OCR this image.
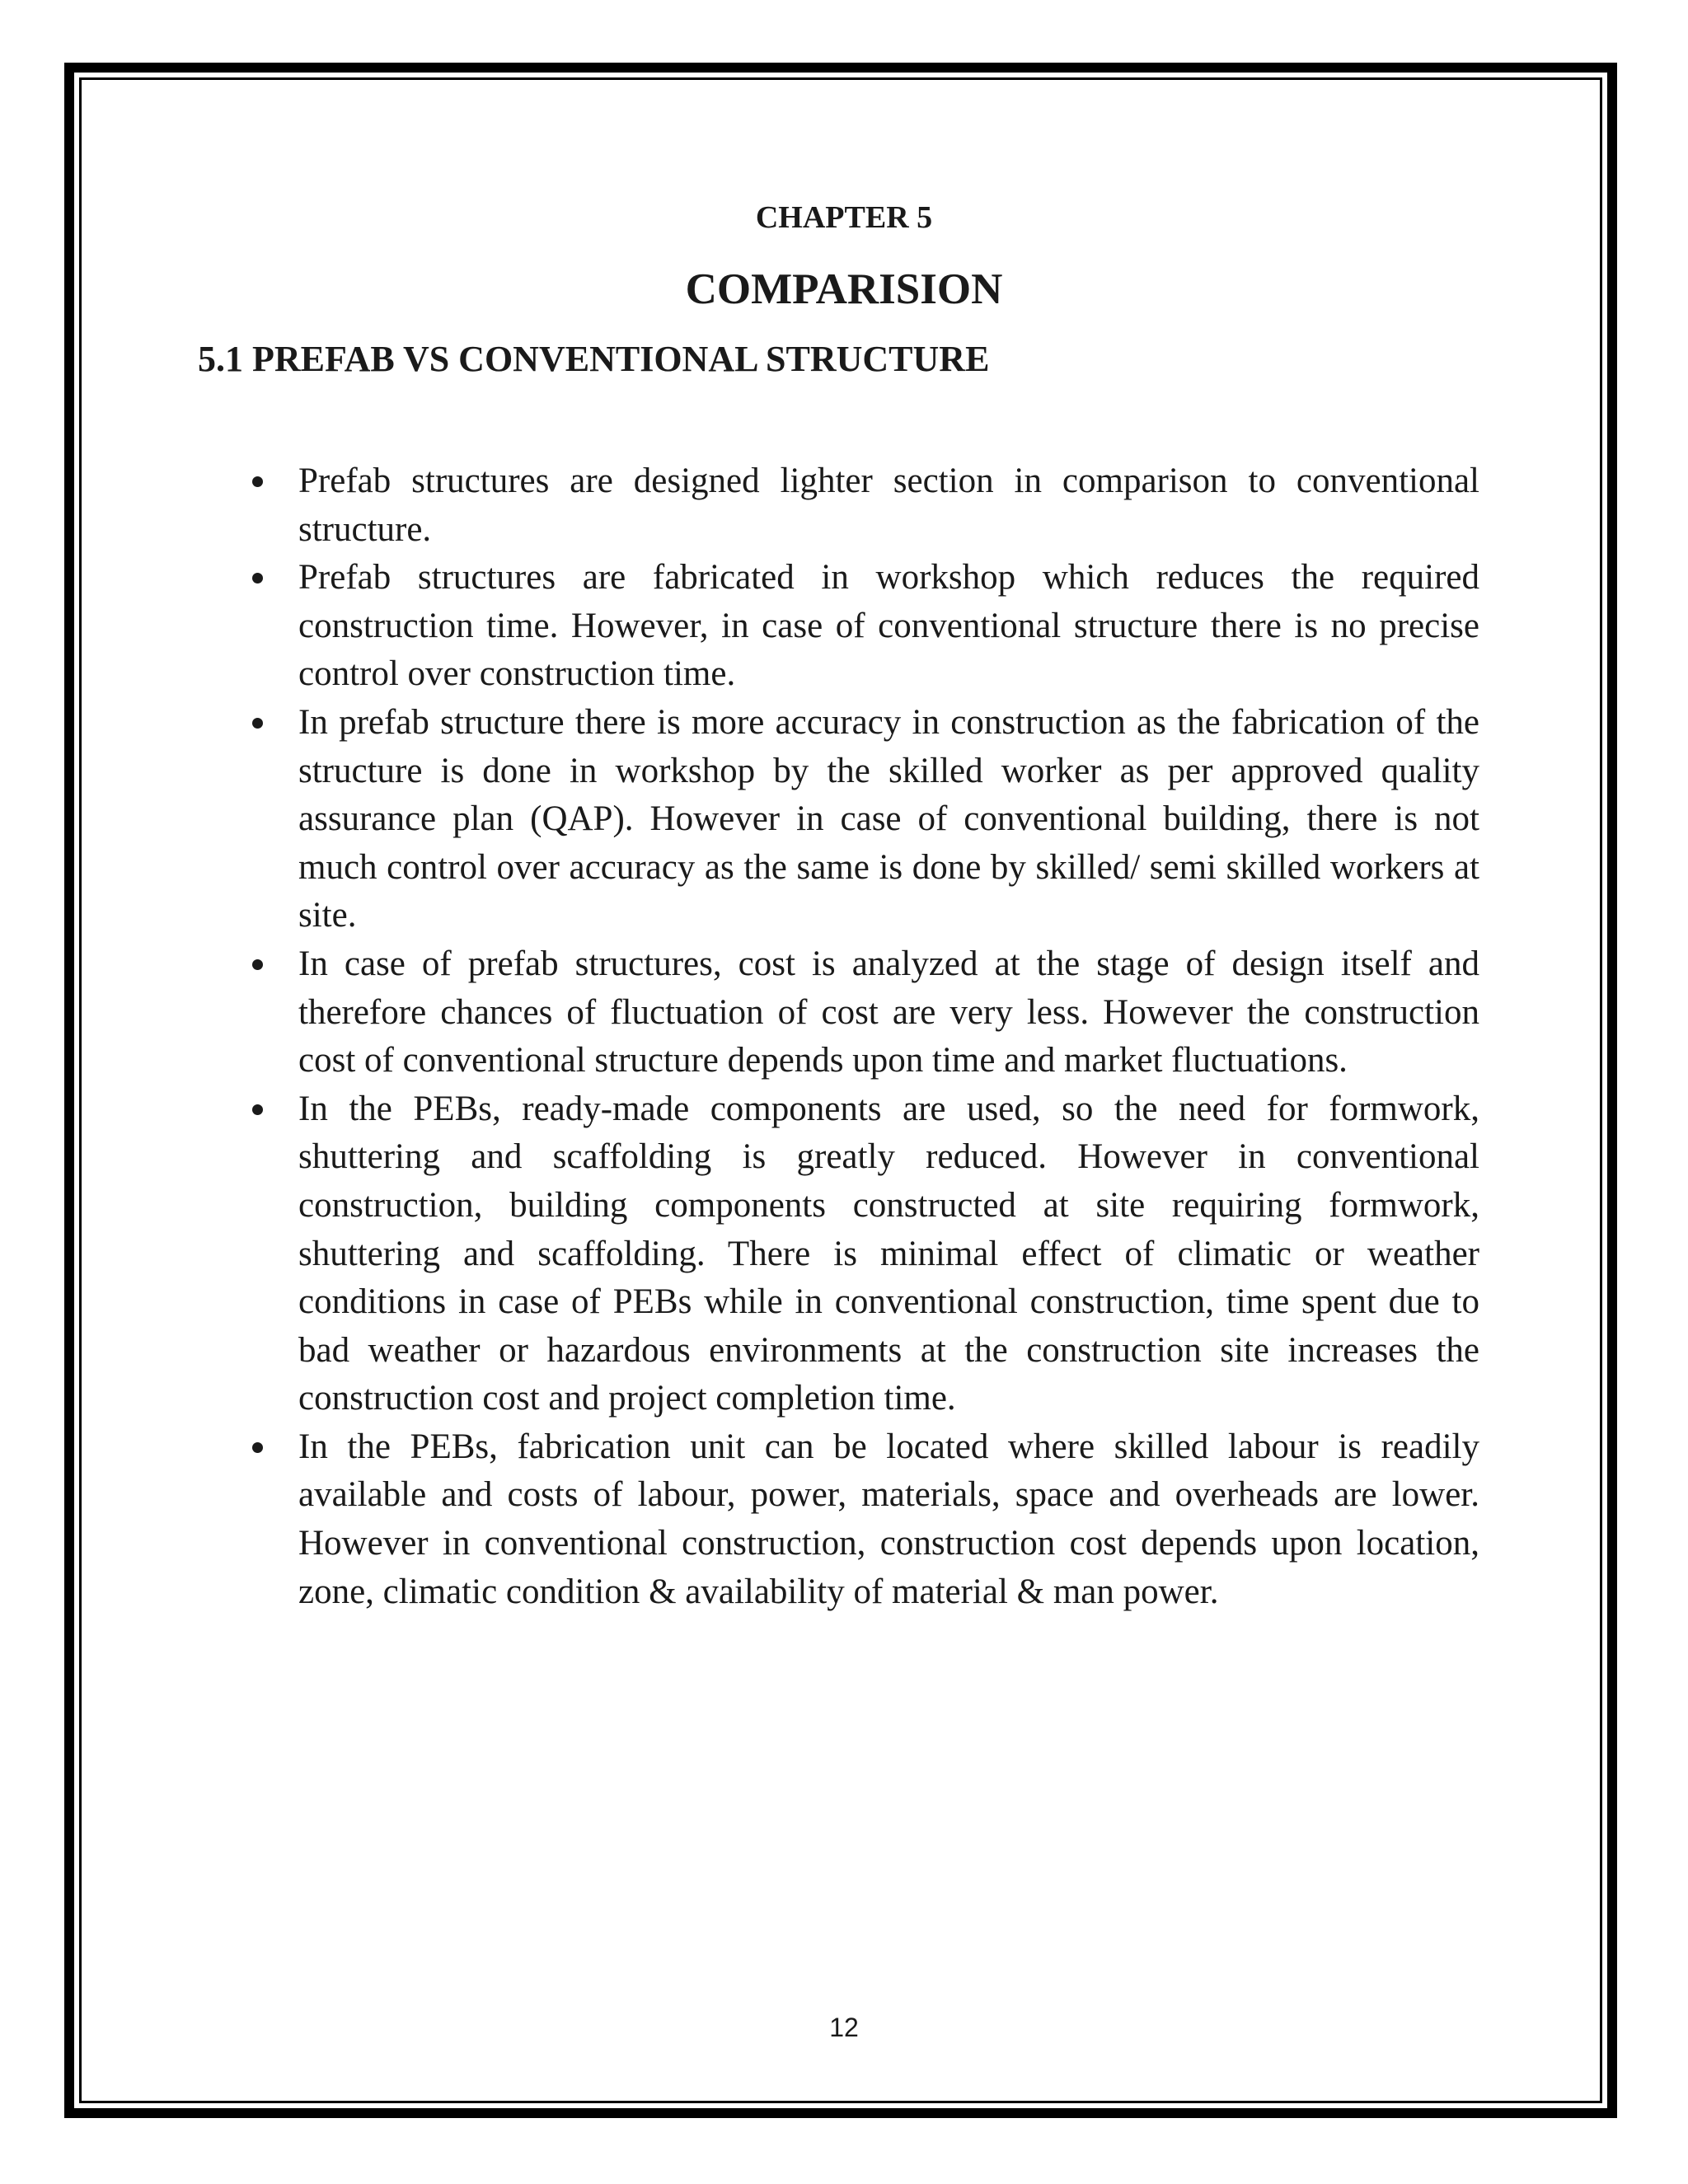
CHAPTER 5
COMPARISION
5.1 PREFAB VS CONVENTIONAL STRUCTURE
Prefab structures are designed lighter section in comparison to conventional structure.
Prefab structures are fabricated in workshop which reduces the required construction time. However, in case of conventional structure there is no precise control over construction time.
In prefab structure there is more accuracy in construction as the fabrication of the structure is done in workshop by the skilled worker as per approved quality assurance plan (QAP). However in case of conventional building, there is not much control over accuracy as the same is done by skilled/ semi skilled workers at site.
In case of prefab structures, cost is analyzed at the stage of design itself and therefore chances of fluctuation of cost are very less. However the construction cost of conventional structure depends upon time and market fluctuations.
In the PEBs, ready-made components are used, so the need for formwork, shuttering and scaffolding is greatly reduced. However in conventional construction, building components constructed at site requiring formwork, shuttering and scaffolding. There is minimal effect of climatic or weather conditions in case of PEBs while in conventional construction, time spent due to bad weather or hazardous environments at the construction site increases the construction cost and project completion time.
In the PEBs, fabrication unit can be located where skilled labour is readily available and costs of labour, power, materials, space and overheads are lower. However in conventional construction, construction cost depends upon location, zone, climatic condition & availability of material & man power.
12
